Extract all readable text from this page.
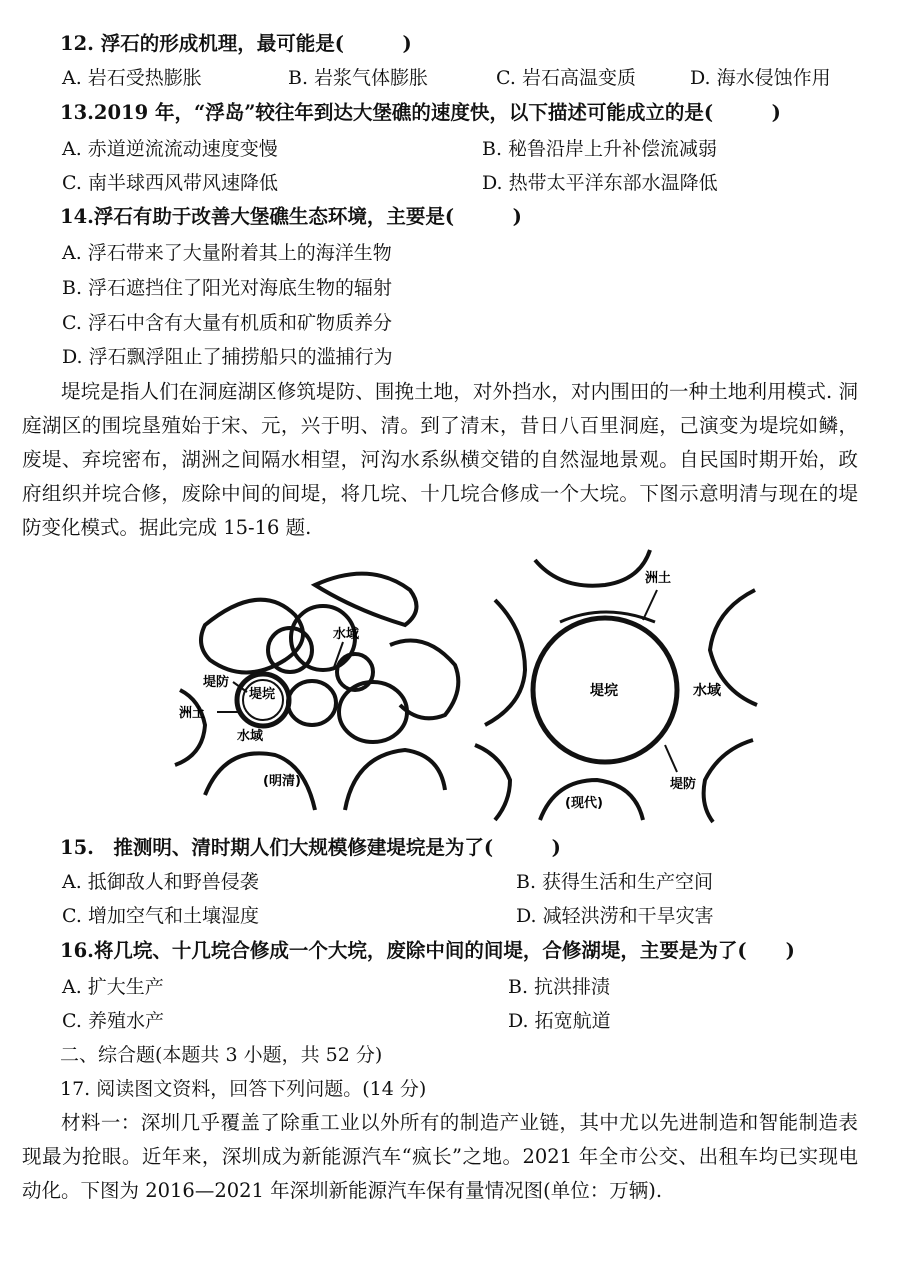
12. 浮石的形成机理，最可能是(　　　)
A. 岩石受热膨胀	B. 岩浆气体膨胀	C. 岩石高温变质	D. 海水侵蚀作用
13.2019 年，“浮岛”较往年到达大堡礁的速度快，以下描述可能成立的是(　　　)
A. 赤道逆流流动速度变慢	B. 秘鲁沿岸上升补偿流减弱
C. 南半球西风带风速降低	D. 热带太平洋东部水温降低
14.浮石有助于改善大堡礁生态环境，主要是(　　　)
A. 浮石带来了大量附着其上的海洋生物
B. 浮石遮挡住了阳光对海底生物的辐射
C. 浮石中含有大量有机质和矿物质养分
D. 浮石飘浮阻止了捕捞船只的滥捕行为
堤垸是指人们在洞庭湖区修筑堤防、围挽土地，对外挡水，对内围田的一种土地利用模式. 洞庭湖区的围垸垦殖始于宋、元，兴于明、清。到了清末，昔日八百里洞庭，己演变为堤垸如鳞，废堤、弃垸密布，湖洲之间隔水相望，河沟水系纵横交错的自然湿地景观。自民国时期开始，政府组织并垸合修，废除中间的间堤，将几垸、十几垸合修成一个大垸。下图示意明清与现在的堤防变化模式。据此完成 15-16 题.
水域
堤防
堤垸
洲土
水域
(明清)
洲土
堤垸	水域
堤防
(现代)
15.　推测明、清时期人们大规模修建堤垸是为了(　　　)
A. 抵御敌人和野兽侵袭	B. 获得生活和生产空间
C. 增加空气和土壤湿度	D. 减轻洪涝和干旱灾害
16.将几垸、十几垸合修成一个大垸，废除中间的间堤，合修湖堤，主要是为了(　　)
A. 扩大生产	B. 抗洪排渍
C. 养殖水产	D. 拓宽航道
二、综合题(本题共 3 小题，共 52 分)
17. 阅读图文资料，回答下列问题。(14 分)
材料一：深圳几乎覆盖了除重工业以外所有的制造产业链，其中尤以先进制造和智能制造表现最为抢眼。近年来，深圳成为新能源汽车“疯长”之地。2021 年全市公交、出租车均已实现电动化。下图为 2016—2021 年深圳新能源汽车保有量情况图(单位：万辆).
